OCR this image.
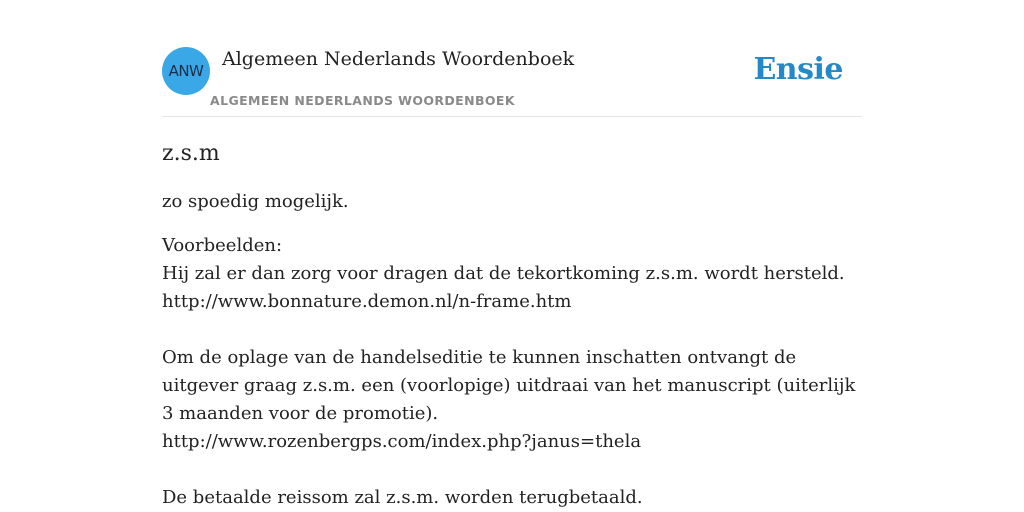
ANW
Algemeen Nederlands Woordenboek
ALGEMEEN NEDERLANDS WOORDENBOEK
Ensie
z.s.m

zo spoedig mogelijk.

Voorbeelden:
Hij zal er dan zorg voor dragen dat de tekortkoming z.s.m. wordt hersteld.
http://www.bonnature.demon.nl/n-frame.htm
Om de oplage van de handelseditie te kunnen inschatten ontvangt de uitgever graag z.s.m. een (voorlopige) uitdraai van het manuscript (uiterlijk 3 maanden voor de promotie).
http://www.rozenbergps.com/index.php?janus=thela
De betaalde reissom zal z.s.m. worden terugbetaald.
